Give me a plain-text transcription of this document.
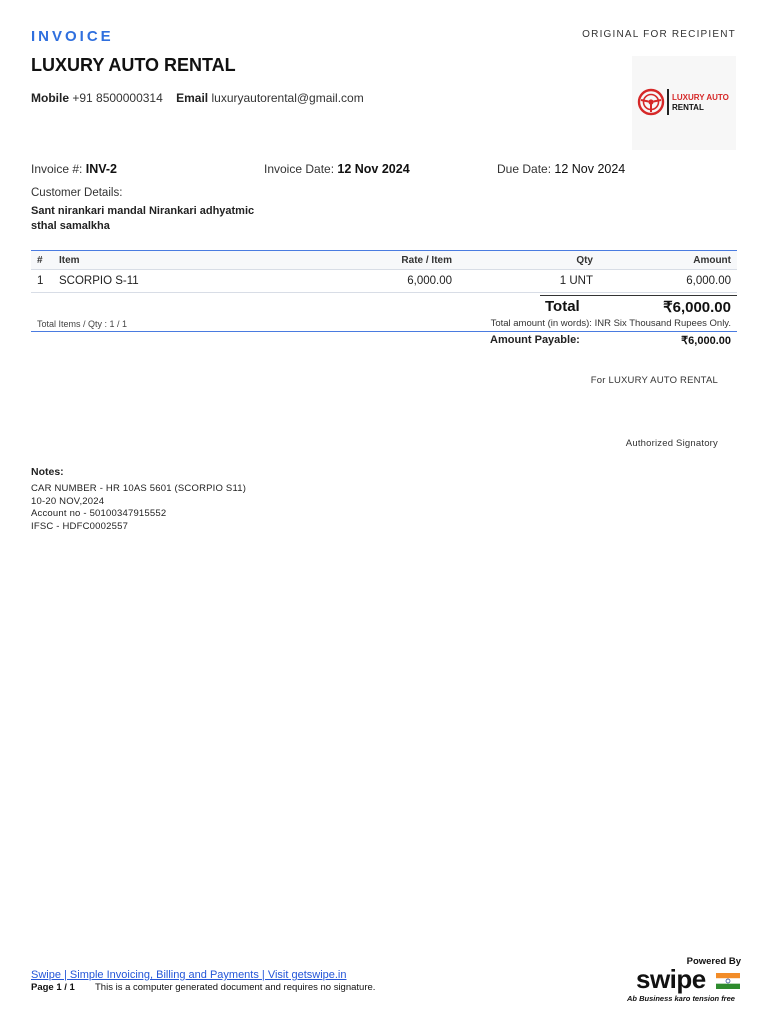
INVOICE	ORIGINAL FOR RECIPIENT
LUXURY AUTO RENTAL
Mobile +91 8500000314 Email luxuryautorental@gmail.com	LUXURY AUTO
RENTAL
Invoice #: INV-2	Invoice Date: 12 Nov 2024	Due Date: 12 Nov 2024
Customer Details:
Sant nirankari mandal Nirankari adhyatmic sthal samalkha
# Item	Rate / Item	Qty	Amount
1 SCORPIO S-11	6,000.00	1 UNT	6,000.00
Total	₹6,000.00
Total Items / Qty : 1 / 1	Total amount (in words): INR Six Thousand Rupees Only.
Amount Payable:	₹6,000.00
For LUXURY AUTO RENTAL
Authorized Signatory
Notes:
CAR NUMBER - HR 10AS 5601 (SCORPIO S11)
10-20 NOV,2024
Account no - 50100347915552
IFSC - HDFC0002557
Swipe | Simple Invoicing, Billing and Payments | Visit getswipe.in
Page 1 / 1 This is a computer generated document and requires no signature.
Powered By
swipe
Ab Business karo tension free
